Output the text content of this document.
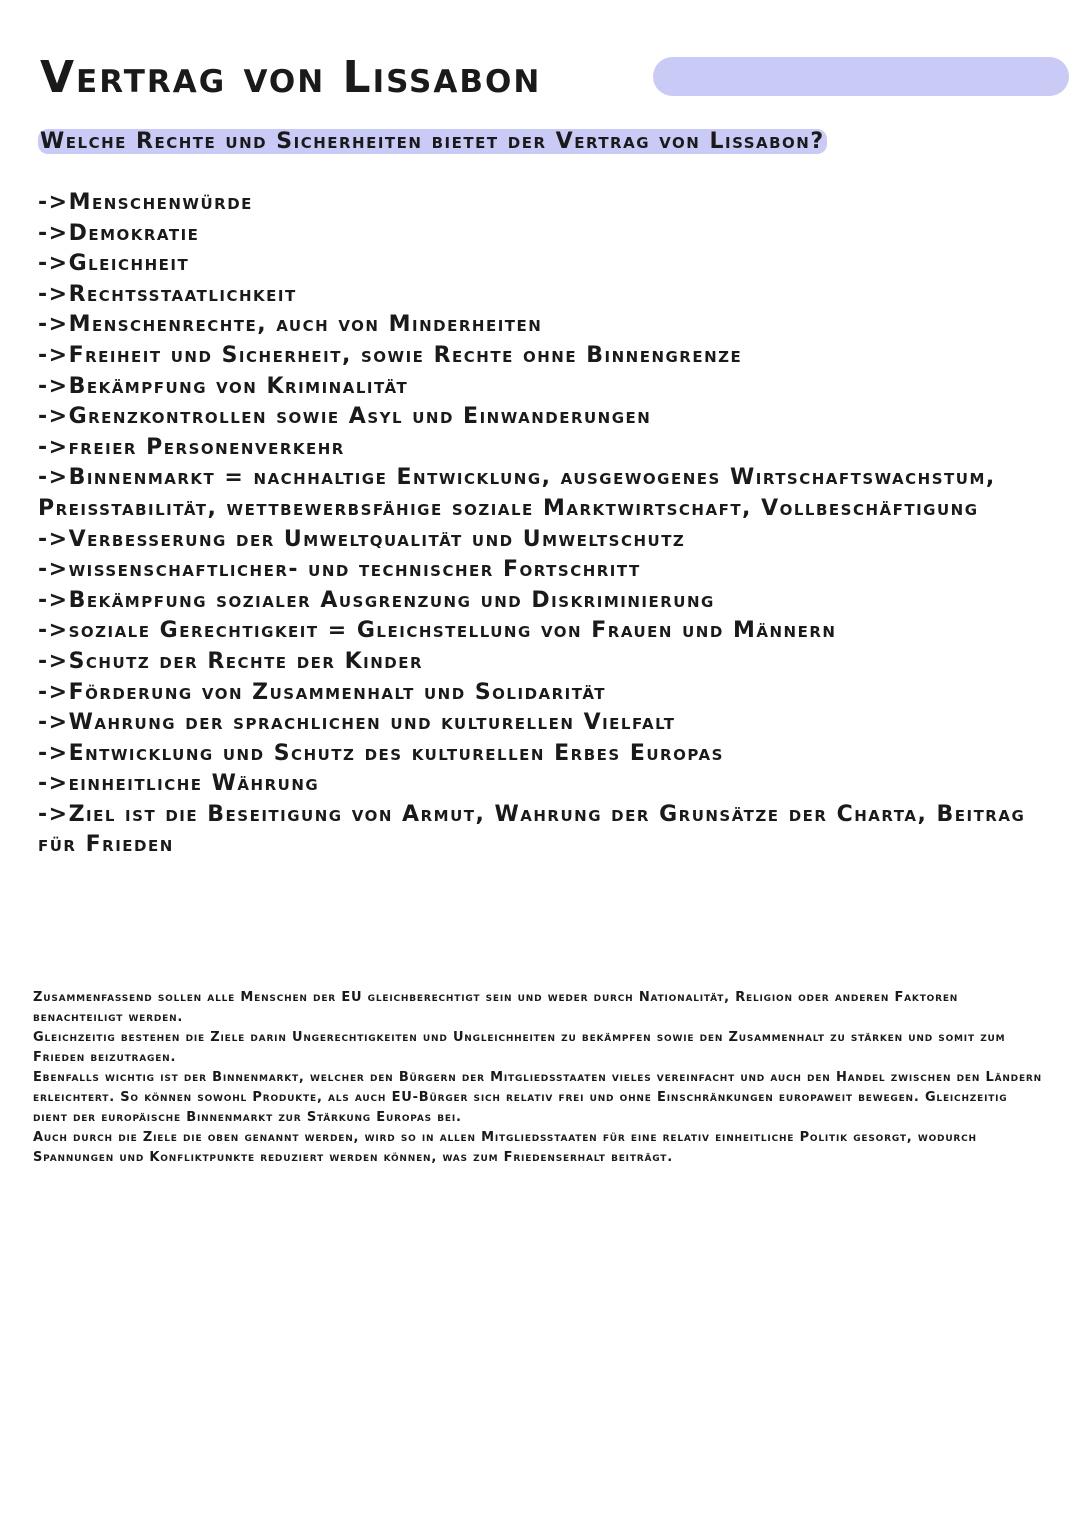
Vertrag von Lissabon

Welche Rechte und Sicherheiten bietet der Vertrag von Lissabon?

->Menschenwürde
->Demokratie
->Gleichheit
->Rechtsstaatlichkeit
->Menschenrechte, auch von Minderheiten
->Freiheit und Sicherheit, sowie Rechte ohne Binnengrenze
->Bekämpfung von Kriminalität
->Grenzkontrollen sowie Asyl und Einwanderungen
->freier Personenverkehr
->Binnenmarkt = nachhaltige Entwicklung, ausgewogenes Wirtschaftswachstum, Preisstabilität, wettbewerbsfähige soziale Marktwirtschaft, Vollbeschäftigung
->Verbesserung der Umweltqualität und Umweltschutz
->wissenschaftlicher- und technischer Fortschritt
->Bekämpfung sozialer Ausgrenzung und Diskriminierung
->soziale Gerechtigkeit = Gleichstellung von Frauen und Männern
->Schutz der Rechte der Kinder
->Förderung von Zusammenhalt und Solidarität
->Wahrung der sprachlichen und kulturellen Vielfalt
->Entwicklung und Schutz des kulturellen Erbes Europas
->einheitliche Währung
->Ziel ist die Beseitigung von Armut, Wahrung der Grunsätze der Charta, Beitrag für Frieden

Zusammenfassend sollen alle Menschen der EU gleichberechtigt sein und weder durch Nationalität, Religion oder anderen Faktoren benachteiligt werden.

Gleichzeitig bestehen die Ziele darin Ungerechtigkeiten und Ungleichheiten zu bekämpfen sowie den Zusammenhalt zu stärken und somit zum Frieden beizutragen.

Ebenfalls wichtig ist der Binnenmarkt, welcher den Bürgern der Mitgliedsstaaten vieles vereinfacht und auch den Handel zwischen den Ländern erleichtert. So können sowohl Produkte, als auch EU-Bürger sich relativ frei und ohne Einschränkungen europaweit bewegen. Gleichzeitig dient der europäische Binnenmarkt zur Stärkung Europas bei.

Auch durch die Ziele die oben genannt werden, wird so in allen Mitgliedsstaaten für eine relativ einheitliche Politik gesorgt, wodurch Spannungen und Konfliktpunkte reduziert werden können, was zum Friedenserhalt beiträgt.
